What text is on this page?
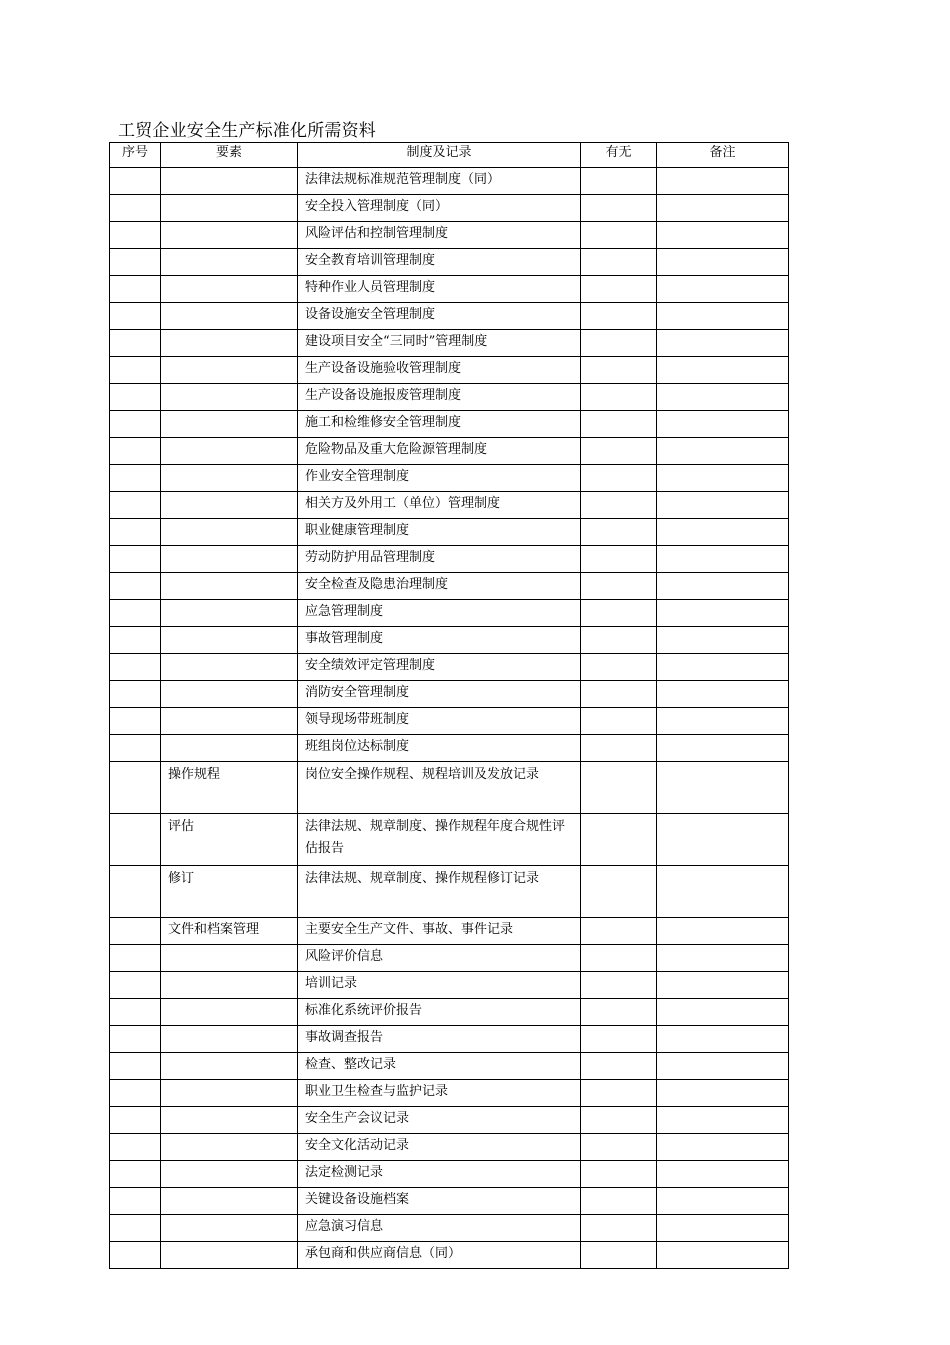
工贸企业安全生产标准化所需资料
序号	要素	制度及记录	有无	备注
		法律法规标准规范管理制度（同）		
		安全投入管理制度（同）		
		风险评估和控制管理制度		
		安全教育培训管理制度		
		特种作业人员管理制度		
		设备设施安全管理制度		
		建设项目安全“三同时”管理制度		
		生产设备设施验收管理制度		
		生产设备设施报废管理制度		
		施工和检维修安全管理制度		
		危险物品及重大危险源管理制度		
		作业安全管理制度		
		相关方及外用工（单位）管理制度		
		职业健康管理制度		
		劳动防护用品管理制度		
		安全检查及隐患治理制度		
		应急管理制度		
		事故管理制度		
		安全绩效评定管理制度		
		消防安全管理制度		
		领导现场带班制度		
		班组岗位达标制度		
	操作规程	岗位安全操作规程、规程培训及发放记录		
	评估	法律法规、规章制度、操作规程年度合规性评估报告		
	修订	法律法规、规章制度、操作规程修订记录		
	文件和档案管理	主要安全生产文件、事故、事件记录		
		风险评价信息		
		培训记录		
		标准化系统评价报告		
		事故调查报告		
		检查、整改记录		
		职业卫生检查与监护记录		
		安全生产会议记录		
		安全文化活动记录		
		法定检测记录		
		关键设备设施档案		
		应急演习信息		
		承包商和供应商信息（同）		
